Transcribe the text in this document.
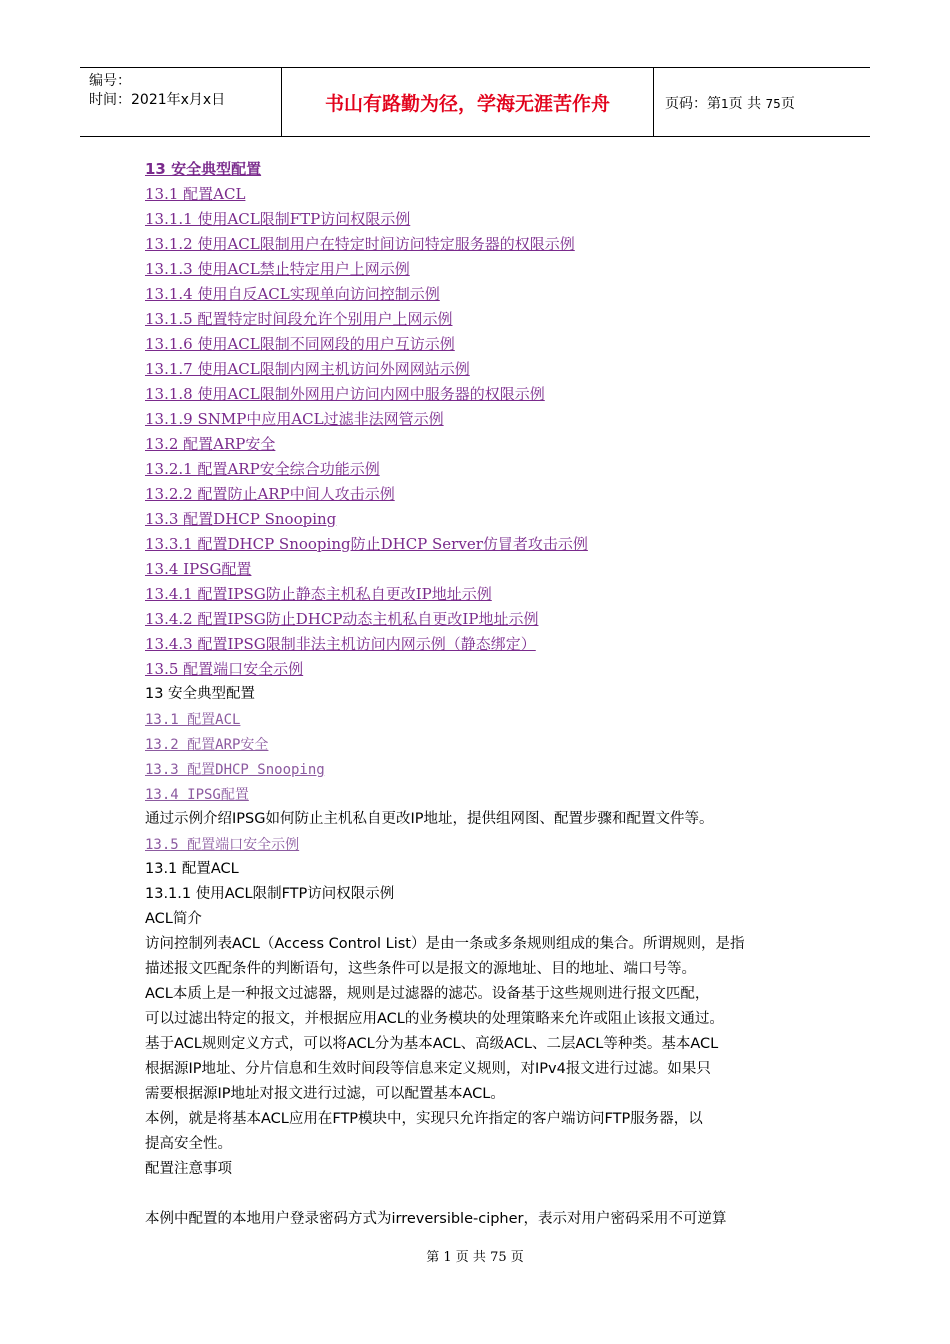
编号：
时间：2021年x月x日	书山有路勤为径，学海无涯苦作舟	页码：第1页 共 75页
13 安全典型配置
13.1 配置ACL
13.1.1 使用ACL限制FTP访问权限示例
13.1.2 使用ACL限制用户在特定时间访问特定服务器的权限示例
13.1.3 使用ACL禁止特定用户上网示例
13.1.4 使用自反ACL实现单向访问控制示例
13.1.5 配置特定时间段允许个别用户上网示例
13.1.6 使用ACL限制不同网段的用户互访示例
13.1.7 使用ACL限制内网主机访问外网网站示例
13.1.8 使用ACL限制外网用户访问内网中服务器的权限示例
13.1.9 SNMP中应用ACL过滤非法网管示例
13.2 配置ARP安全
13.2.1 配置ARP安全综合功能示例
13.2.2 配置防止ARP中间人攻击示例
13.3 配置DHCP Snooping
13.3.1 配置DHCP Snooping防止DHCP Server仿冒者攻击示例
13.4 IPSG配置
13.4.1 配置IPSG防止静态主机私自更改IP地址示例
13.4.2 配置IPSG防止DHCP动态主机私自更改IP地址示例
13.4.3 配置IPSG限制非法主机访问内网示例（静态绑定）
13.5 配置端口安全示例
13 安全典型配置
13.1 配置ACL
13.2 配置ARP安全
13.3 配置DHCP Snooping
13.4 IPSG配置
通过示例介绍IPSG如何防止主机私自更改IP地址，提供组网图、配置步骤和配置文件等。
13.5 配置端口安全示例
13.1 配置ACL
13.1.1 使用ACL限制FTP访问权限示例
ACL简介
访问控制列表ACL（Access Control List）是由一条或多条规则组成的集合。所谓规则，是指
描述报文匹配条件的判断语句，这些条件可以是报文的源地址、目的地址、端口号等。
ACL本质上是一种报文过滤器，规则是过滤器的滤芯。设备基于这些规则进行报文匹配，
可以过滤出特定的报文，并根据应用ACL的业务模块的处理策略来允许或阻止该报文通过。
基于ACL规则定义方式，可以将ACL分为基本ACL、高级ACL、二层ACL等种类。基本ACL
根据源IP地址、分片信息和生效时间段等信息来定义规则，对IPv4报文进行过滤。如果只
需要根据源IP地址对报文进行过滤，可以配置基本ACL。
本例，就是将基本ACL应用在FTP模块中，实现只允许指定的客户端访问FTP服务器，以
提高安全性。
配置注意事项
本例中配置的本地用户登录密码方式为irreversible-cipher，表示对用户密码采用不可逆算
第 1 页 共 75 页
